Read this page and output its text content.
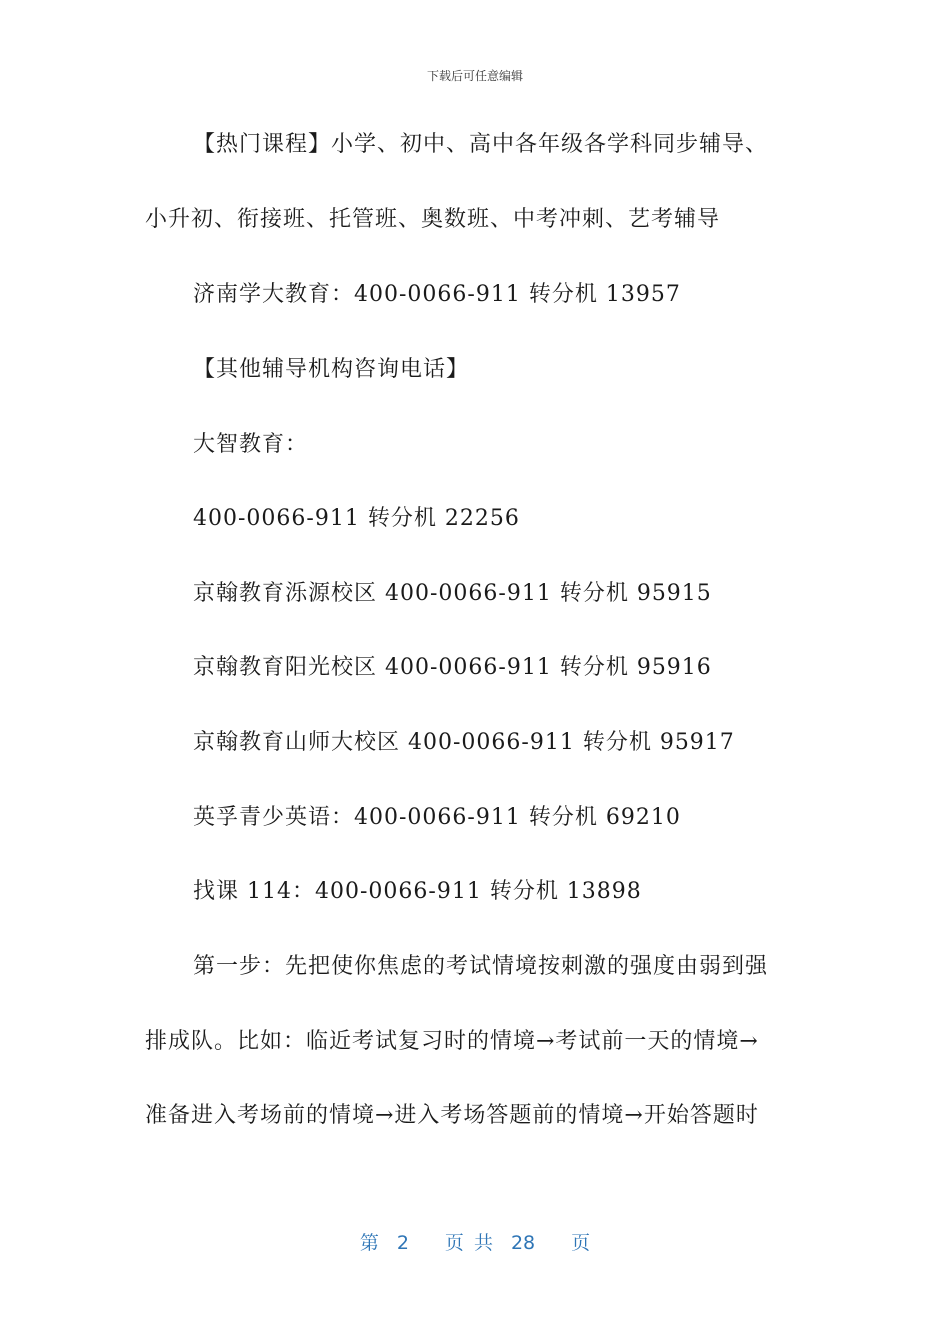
下载后可任意编辑
【热门课程】小学、初中、高中各年级各学科同步辅导、
小升初、衔接班、托管班、奥数班、中考冲刺、艺考辅导
济南学大教育：400-0066-911 转分机 13957
【其他辅导机构咨询电话】
大智教育：
400-0066-911 转分机 22256
京翰教育泺源校区 400-0066-911 转分机 95915
京翰教育阳光校区 400-0066-911 转分机 95916
京翰教育山师大校区 400-0066-911 转分机 95917
英孚青少英语：400-0066-911 转分机 69210
找课 114：400-0066-911 转分机 13898
第一步：先把使你焦虑的考试情境按刺激的强度由弱到强
排成队。比如：临近考试复习时的情境→考试前一天的情境→
准备进入考场前的情境→进入考场答题前的情境→开始答题时
第 2 页 共 28 页
